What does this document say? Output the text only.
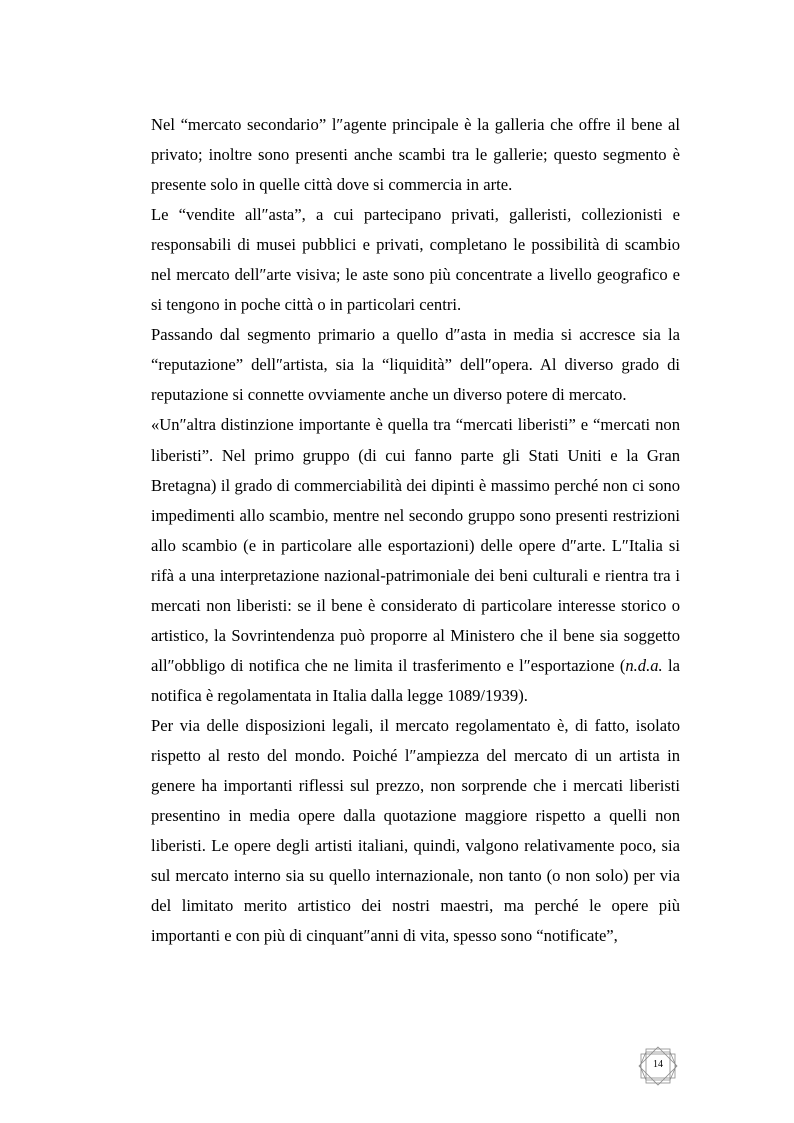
Nel “mercato secondario” l″agente principale è la galleria che offre il bene al privato; inoltre sono presenti anche scambi tra le gallerie; questo segmento è presente solo in quelle città dove si commercia in arte.

Le “vendite all″asta”, a cui partecipano privati, galleristi, collezionisti e responsabili di musei pubblici e privati, completano le possibilità di scambio nel mercato dell″arte visiva; le aste sono più concentrate a livello geografico e si tengono in poche città o in particolari centri.

Passando dal segmento primario a quello d″asta in media si accresce sia la “reputazione” dell″artista, sia la “liquidità” dell″opera. Al diverso grado di reputazione si connette ovviamente anche un diverso potere di mercato.

«Un″altra distinzione importante è quella tra “mercati liberisti” e “mercati non liberisti”. Nel primo gruppo (di cui fanno parte gli Stati Uniti e la Gran Bretagna) il grado di commerciabilità dei dipinti è massimo perché non ci sono impedimenti allo scambio, mentre nel secondo gruppo sono presenti restrizioni allo scambio (e in particolare alle esportazioni) delle opere d″arte. L″Italia si rifà a una interpretazione nazional-patrimoniale dei beni culturali e rientra tra i mercati non liberisti: se il bene è considerato di particolare interesse storico o artistico, la Sovrintendenza può proporre al Ministero che il bene sia soggetto all″obbligo di notifica che ne limita il trasferimento e l″esportazione (n.d.a. la notifica è regolamentata in Italia dalla legge 1089/1939).

Per via delle disposizioni legali, il mercato regolamentato è, di fatto, isolato rispetto al resto del mondo. Poiché l″ampiezza del mercato di un artista in genere ha importanti riflessi sul prezzo, non sorprende che i mercati liberisti presentino in media opere dalla quotazione maggiore rispetto a quelli non liberisti. Le opere degli artisti italiani, quindi, valgono relativamente poco, sia sul mercato interno sia su quello internazionale, non tanto (o non solo) per via del limitato merito artistico dei nostri maestri, ma perché le opere più importanti e con più di cinquant″anni di vita, spesso sono “notificate”,

14
